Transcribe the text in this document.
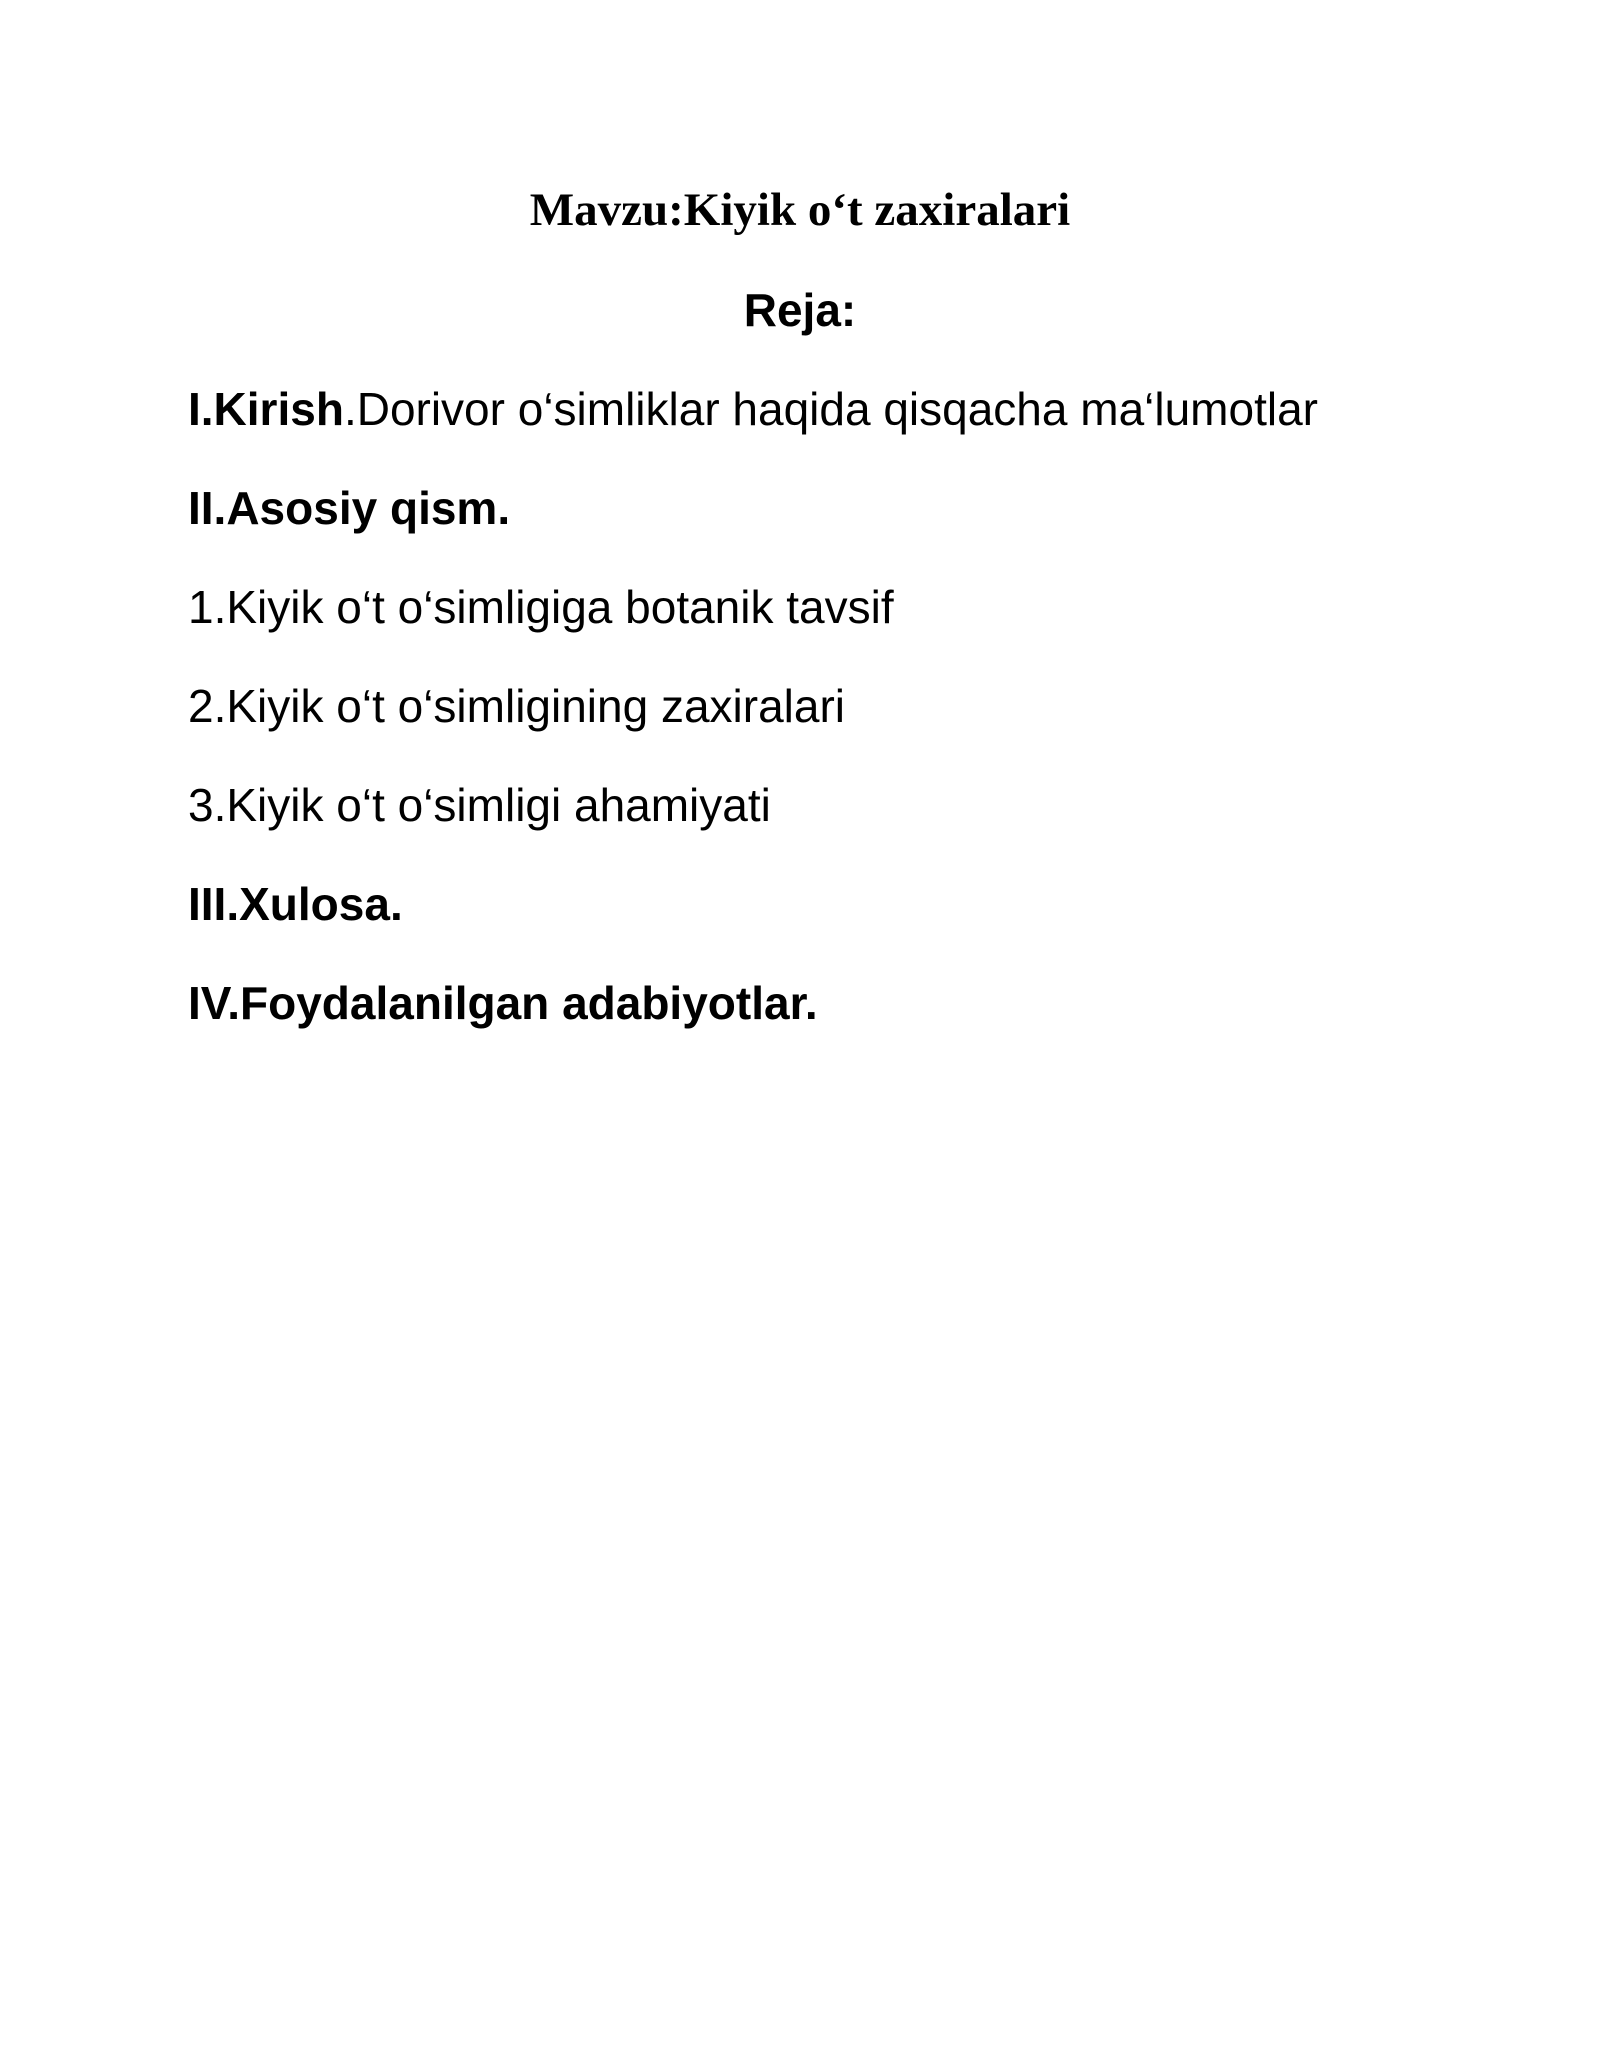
Mavzu:Kiyik o‘t zaxiralari
Reja:

I.Kirish.Dorivor o‘simliklar haqida qisqacha ma‘lumotlar

II.Asosiy qism.

1.Kiyik o‘t o‘simligiga botanik tavsif

2.Kiyik o‘t o‘simligining zaxiralari

3.Kiyik o‘t o‘simligi ahamiyati

III.Xulosa.

IV.Foydalanilgan adabiyotlar.
